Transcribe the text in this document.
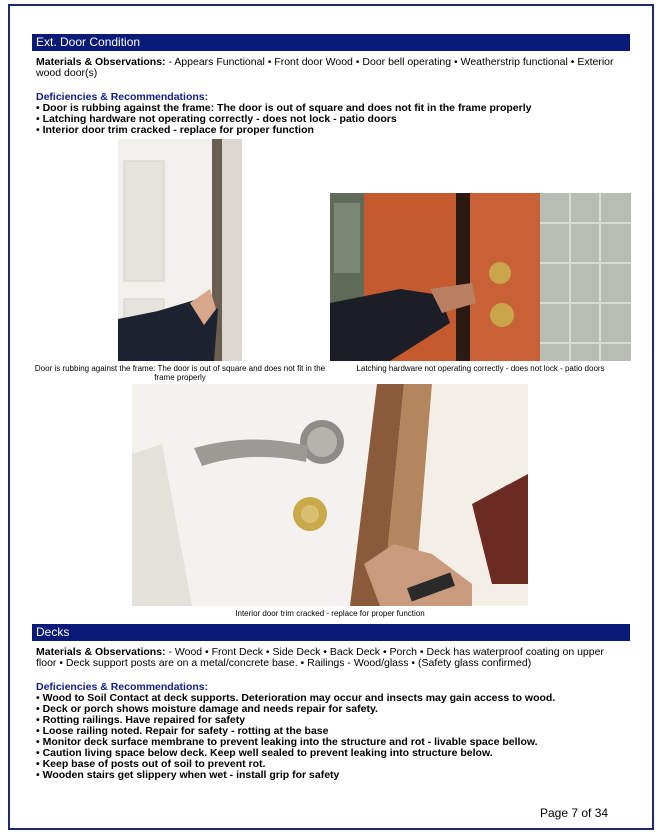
Ext. Door Condition
Materials & Observations: - Appears Functional • Front door Wood • Door bell operating • Weatherstrip functional • Exterior wood door(s)
Deficiencies & Recommendations:
• Door is rubbing against the frame: The door is out of square and does not fit in the frame properly
• Latching hardware not operating correctly - does not lock - patio doors
• Interior door trim cracked - replace for proper function
Door is rubbing against the frame: The door is out of square and does not fit in the frame properly
Latching hardware not operating correctly - does not lock - patio doors
Interior door trim cracked - replace for proper function
Decks
Materials & Observations: - Wood • Front Deck • Side Deck • Back Deck • Porch • Deck has waterproof coating on upper floor • Deck support posts are on a metal/concrete base. • Railings - Wood/glass • (Safety glass confirmed)
Deficiencies & Recommendations:
• Wood to Soil Contact at deck supports. Deterioration may occur and insects may gain access to wood.
• Deck or porch shows moisture damage and needs repair for safety.
• Rotting railings. Have repaired for safety
• Loose railing noted. Repair for safety - rotting at the base
• Monitor deck surface membrane to prevent leaking into the structure and rot - livable space bellow.
• Caution living space below deck. Keep well sealed to prevent leaking into structure below.
• Keep base of posts out of soil to prevent rot.
• Wooden stairs get slippery when wet - install grip for safety
Page 7 of 34
